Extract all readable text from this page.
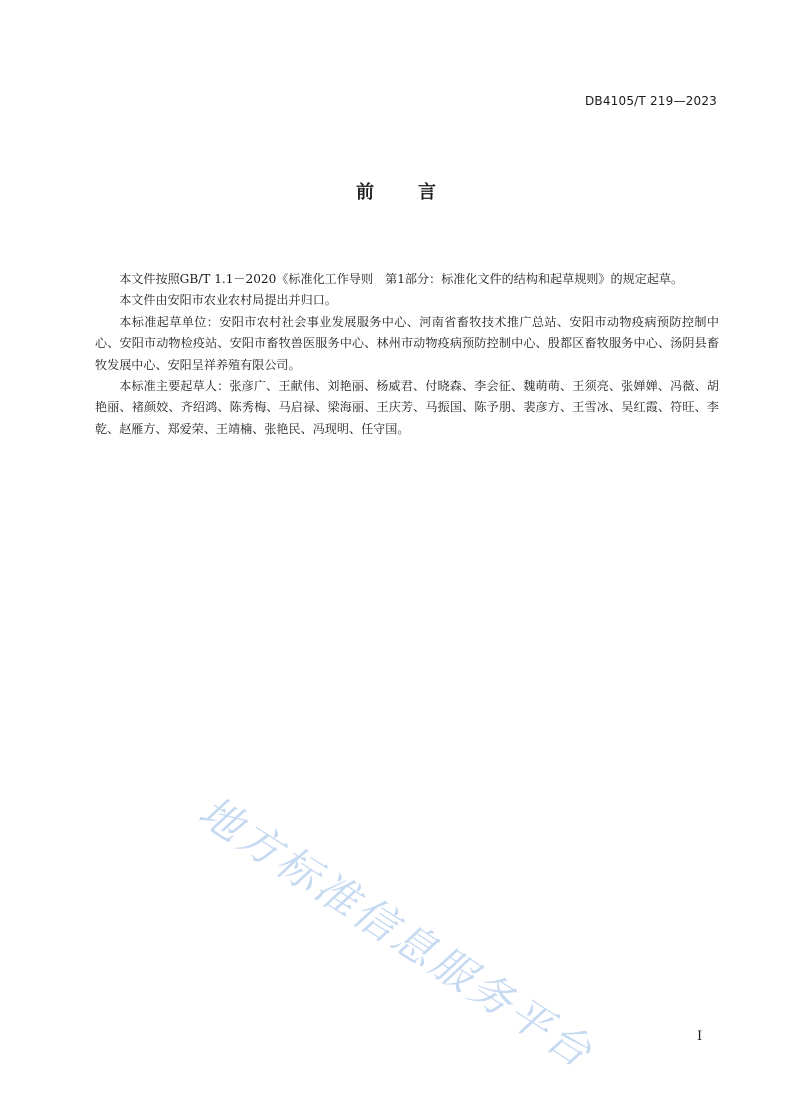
DB4105/T 219—2023
前 言

本文件按照GB/T 1.1－2020《标准化工作导则　第1部分：标准化文件的结构和起草规则》的规定起草。

本文件由安阳市农业农村局提出并归口。

本标准起草单位：安阳市农村社会事业发展服务中心、河南省畜牧技术推广总站、安阳市动物疫病预防控制中心、安阳市动物检疫站、安阳市畜牧兽医服务中心、林州市动物疫病预防控制中心、殷都区畜牧服务中心、汤阴县畜牧发展中心、安阳呈祥养殖有限公司。

本标准主要起草人：张彦广、王献伟、刘艳丽、杨威君、付晓森、李会征、魏萌萌、王须亮、张婵婵、冯薇、胡艳丽、褚颜姣、齐绍鸿、陈秀梅、马启禄、梁海丽、王庆芳、马振国、陈予朋、裴彦方、王雪冰、吴红霞、符旺、李乾、赵雁方、郑爱荣、王靖楠、张艳民、冯现明、任守国。

地方标准信息服务平台	I
